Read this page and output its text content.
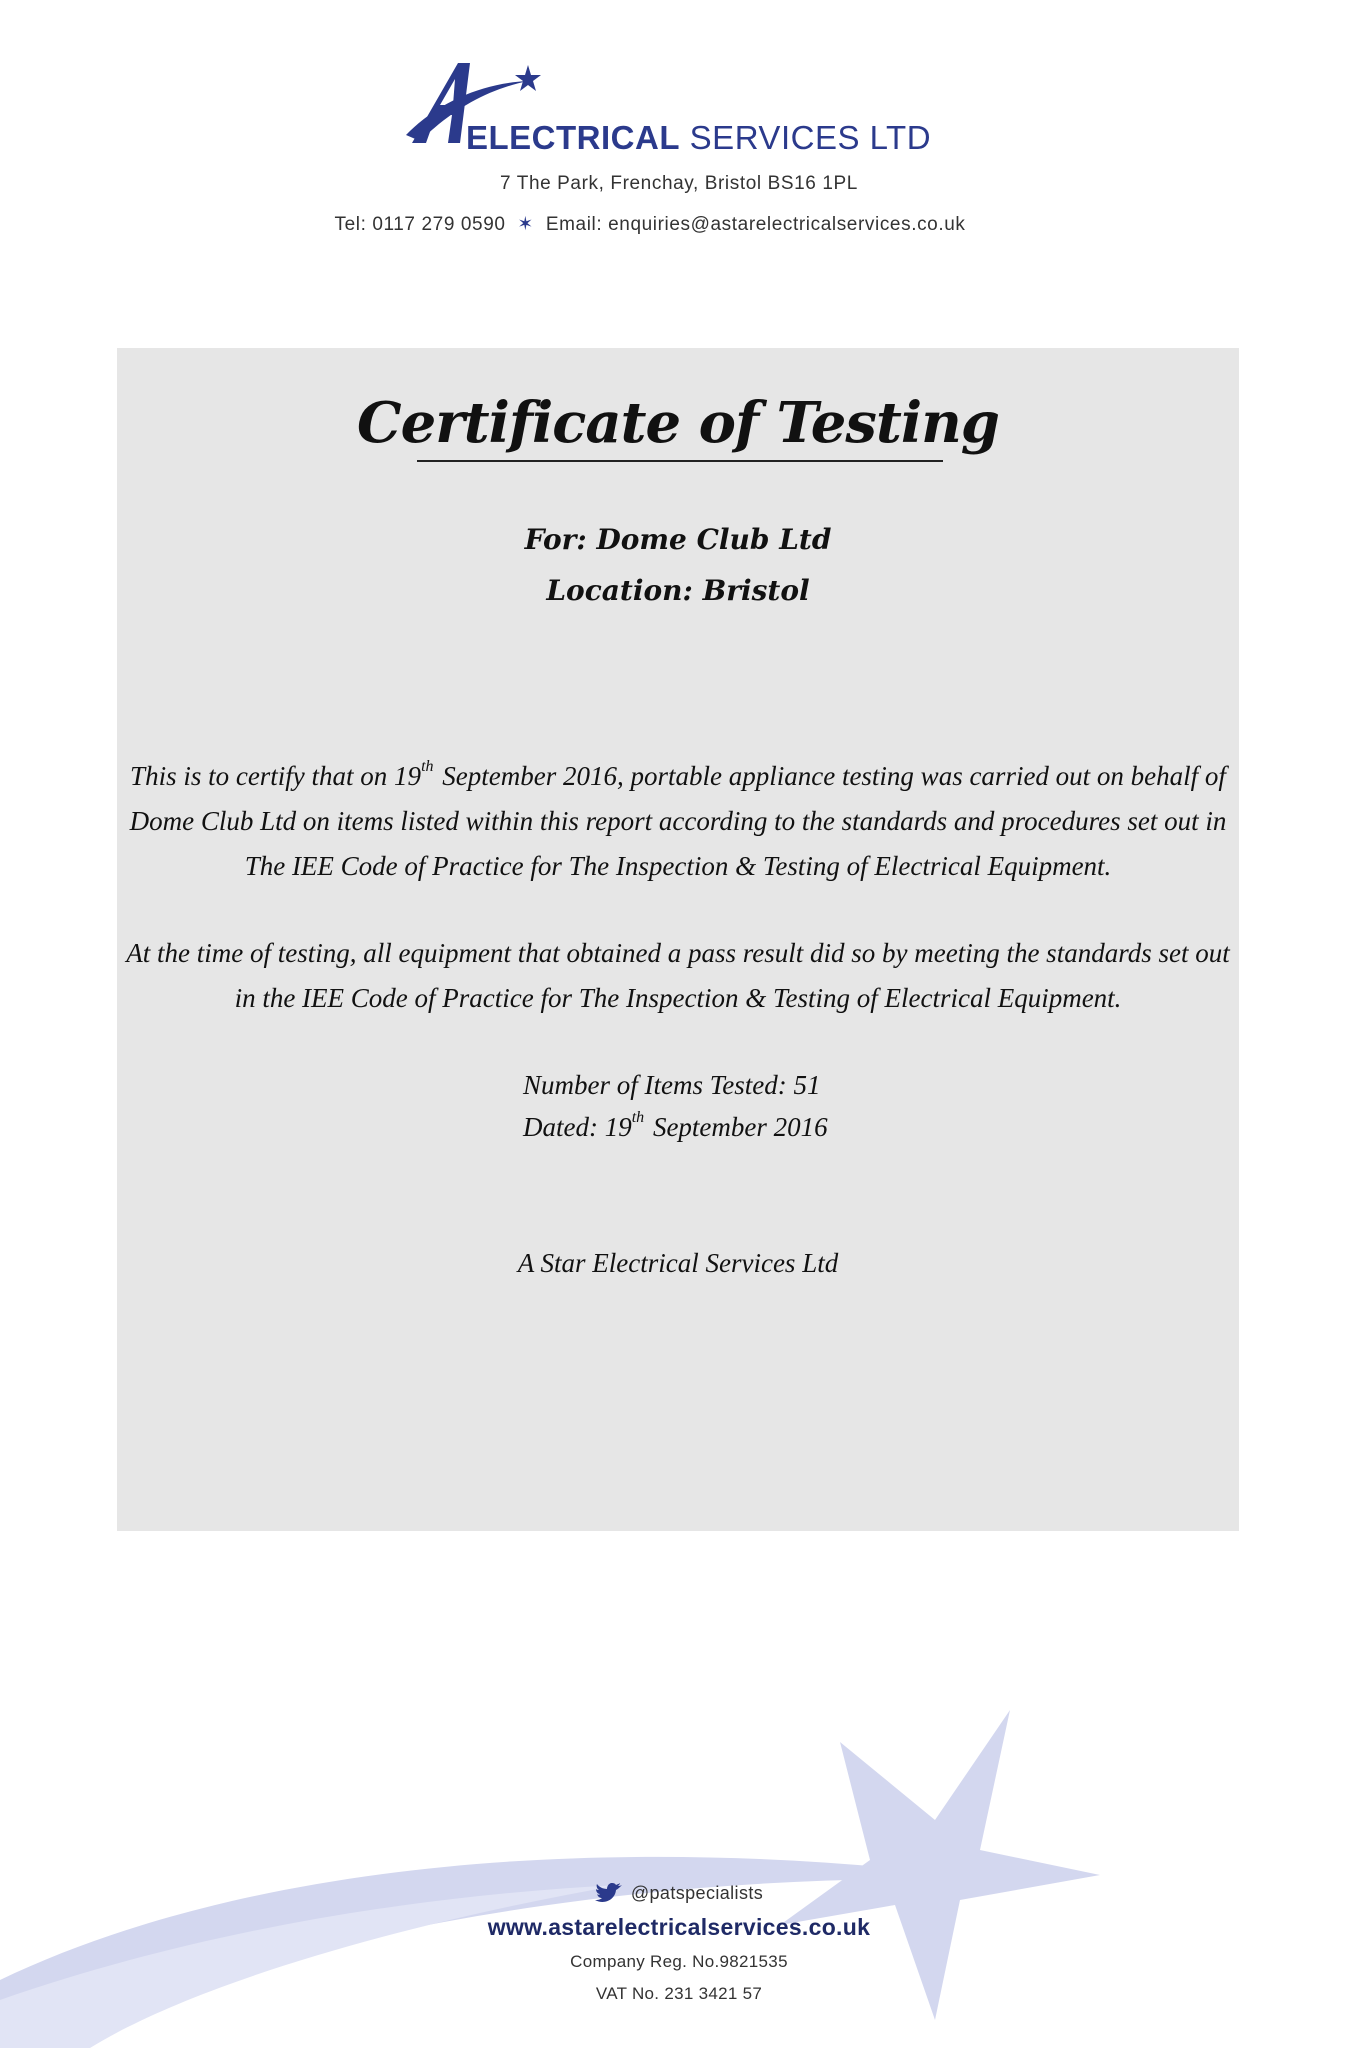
ELECTRICAL SERVICES LTD
7 The Park, Frenchay, Bristol BS16 1PL
Tel: 0117 279 0590 ✶ Email: enquiries@astarelectricalservices.co.uk
Certificate of Testing
For: Dome Club Ltd
Location: Bristol
This is to certify that on 19th September 2016, portable appliance testing was carried out on behalf of Dome Club Ltd on items listed within this report according to the standards and procedures set out in The IEE Code of Practice for The Inspection & Testing of Electrical Equipment.
At the time of testing, all equipment that obtained a pass result did so by meeting the standards set out in the IEE Code of Practice for The Inspection & Testing of Electrical Equipment.
Number of Items Tested: 51
Dated: 19th September 2016
A Star Electrical Services Ltd
@patspecialists
www.astarelectricalservices.co.uk
Company Reg. No.9821535
VAT No. 231 3421 57
